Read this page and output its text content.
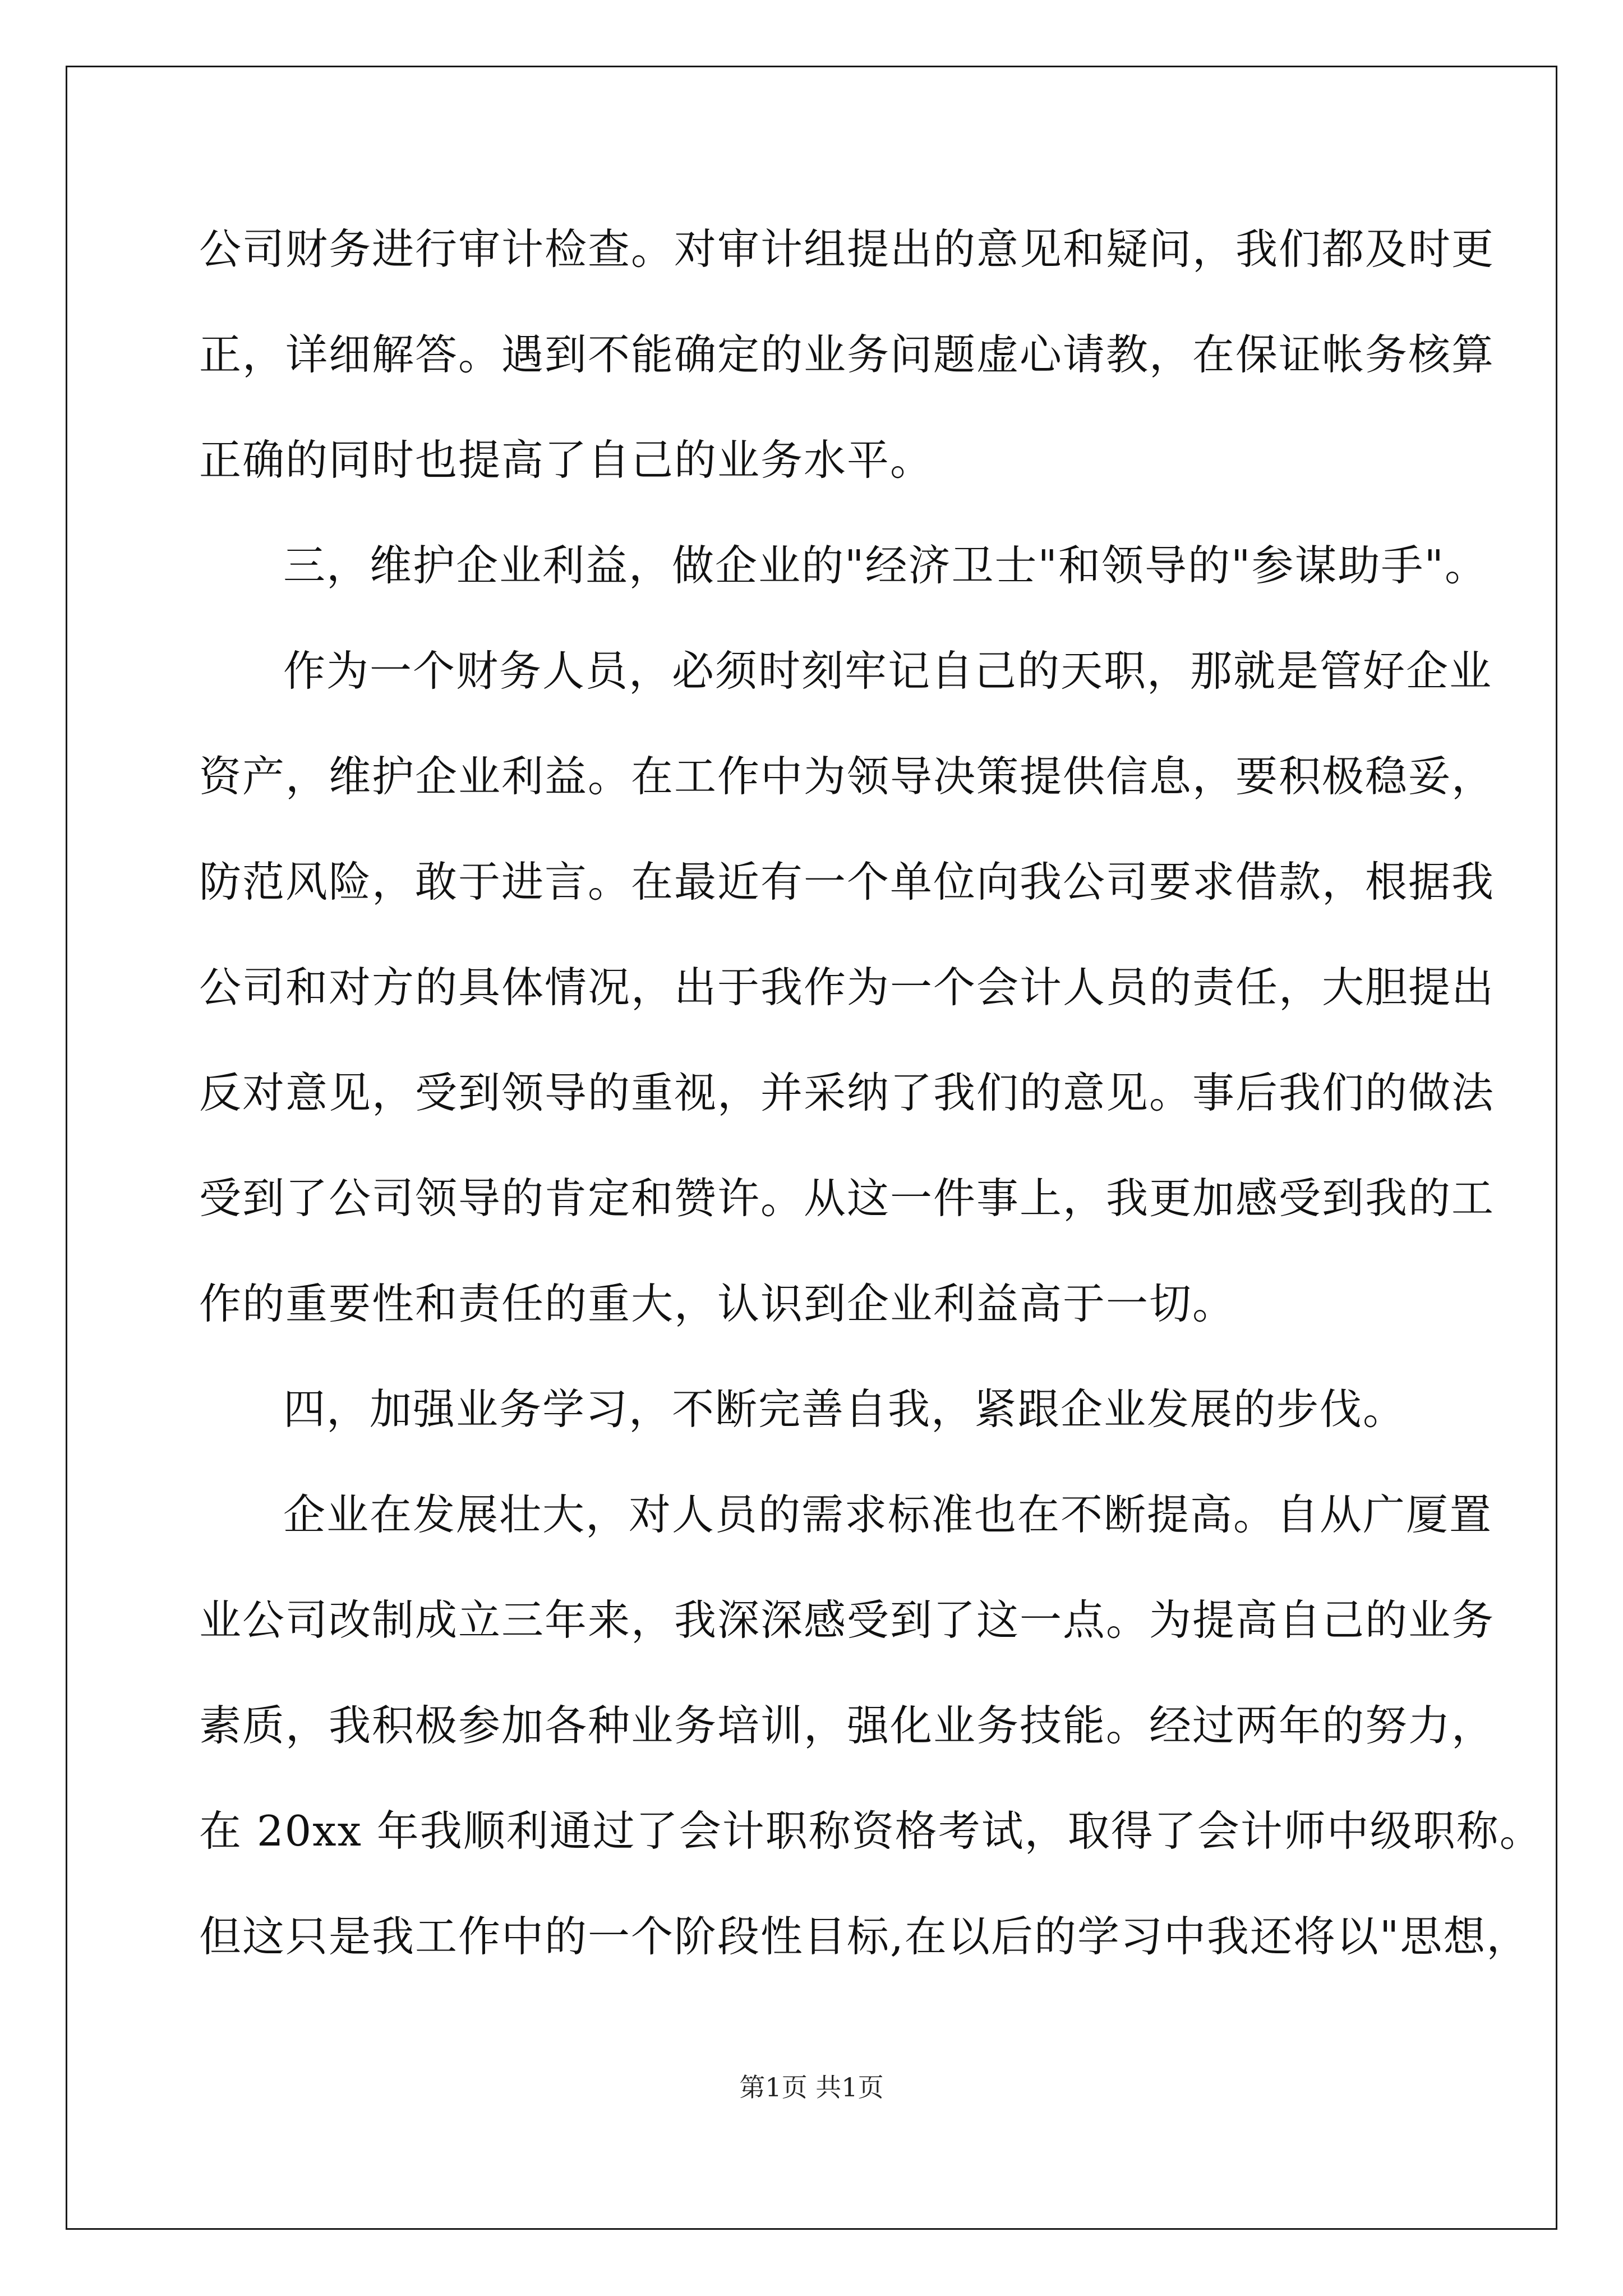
公司财务进行审计检查。对审计组提出的意见和疑问，我们都及时更
正，详细解答。遇到不能确定的业务问题虚心请教，在保证帐务核算
正确的同时也提高了自己的业务水平。
三，维护企业利益，做企业的"经济卫士"和领导的"参谋助手"。
作为一个财务人员，必须时刻牢记自己的天职，那就是管好企业
资产，维护企业利益。在工作中为领导决策提供信息，要积极稳妥，
防范风险，敢于进言。在最近有一个单位向我公司要求借款，根据我
公司和对方的具体情况，出于我作为一个会计人员的责任，大胆提出
反对意见，受到领导的重视，并采纳了我们的意见。事后我们的做法
受到了公司领导的肯定和赞许。从这一件事上，我更加感受到我的工
作的重要性和责任的重大，认识到企业利益高于一切。
四，加强业务学习，不断完善自我，紧跟企业发展的步伐。
企业在发展壮大，对人员的需求标准也在不断提高。自从广厦置
业公司改制成立三年来，我深深感受到了这一点。为提高自己的业务
素质，我积极参加各种业务培训，强化业务技能。经过两年的努力，
在 20xx 年我顺利通过了会计职称资格考试，取得了会计师中级职称。
但这只是我工作中的一个阶段性目标,在以后的学习中我还将以"思想，
第1页 共1页
